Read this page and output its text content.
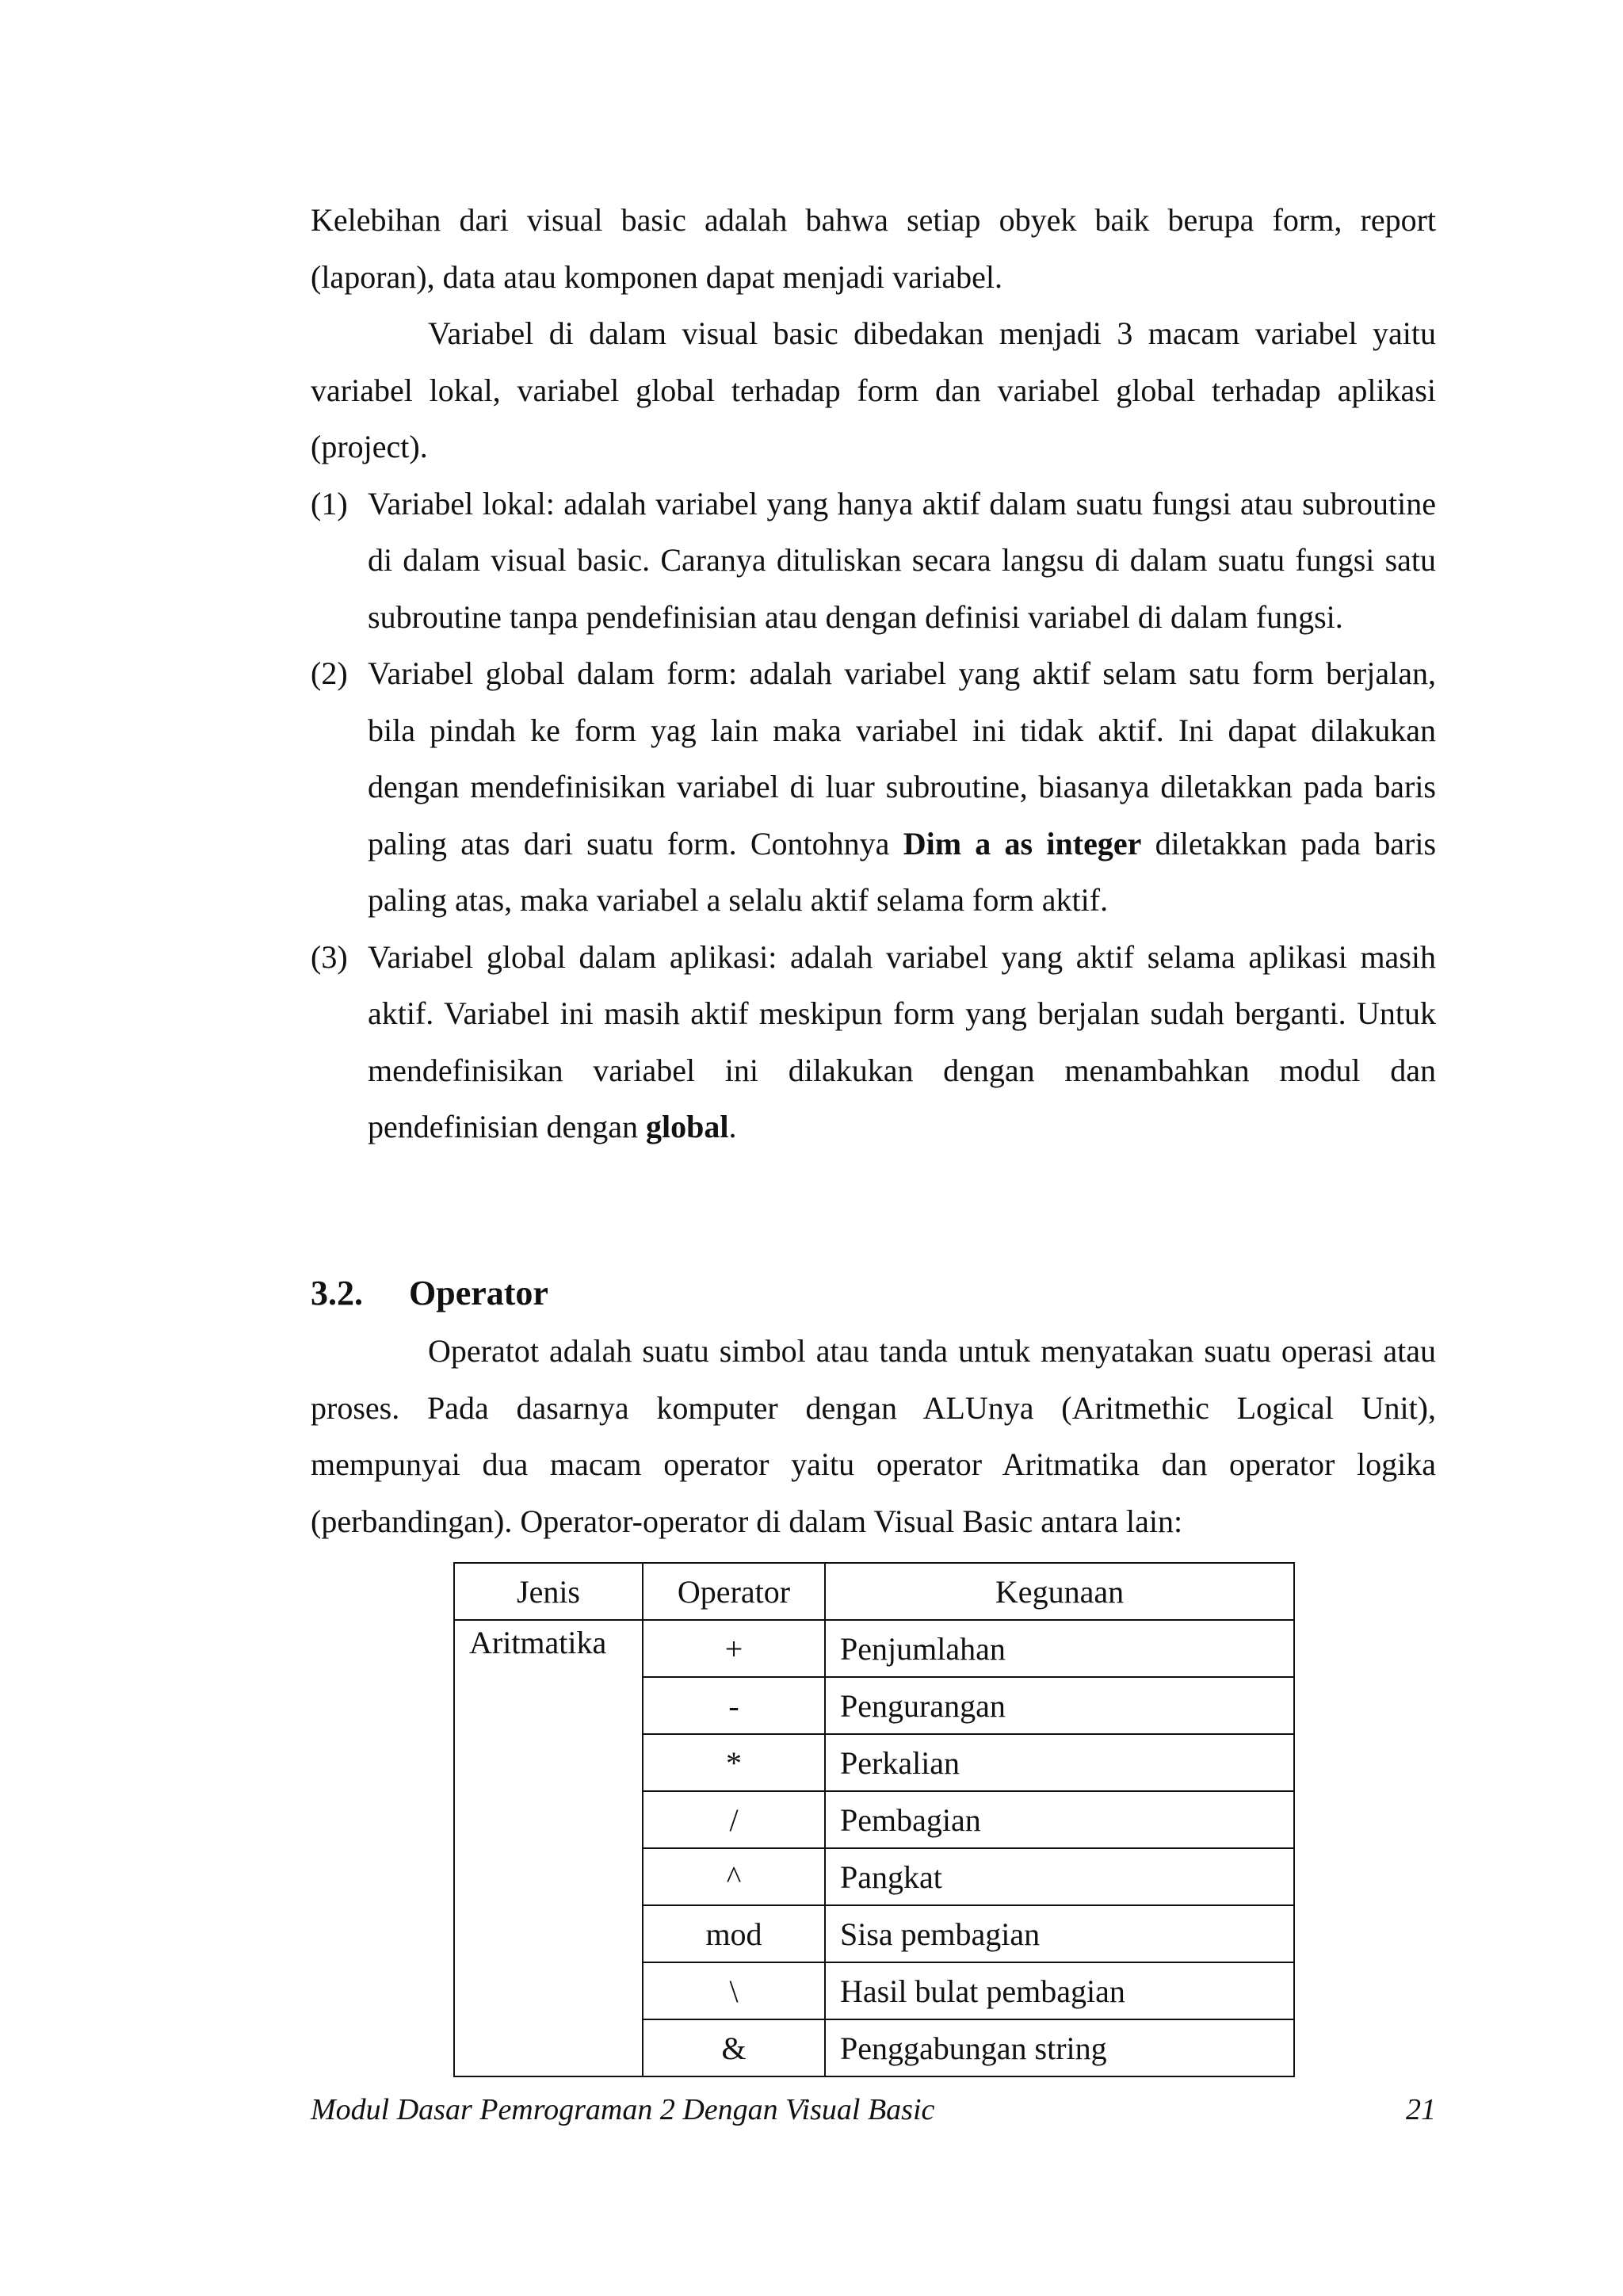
Kelebihan dari visual basic adalah bahwa setiap obyek baik berupa form, report (laporan), data atau komponen dapat menjadi variabel.

Variabel di dalam visual basic dibedakan menjadi 3 macam variabel yaitu variabel lokal, variabel global terhadap form dan variabel global terhadap aplikasi (project).

(1) Variabel lokal: adalah variabel yang hanya aktif dalam suatu fungsi atau subroutine di dalam visual basic. Caranya dituliskan secara langsu di dalam suatu fungsi satu subroutine tanpa pendefinisian atau dengan definisi variabel di dalam fungsi.
(2) Variabel global dalam form: adalah variabel yang aktif selam satu form berjalan, bila pindah ke form yag lain maka variabel ini tidak aktif. Ini dapat dilakukan dengan mendefinisikan variabel di luar subroutine, biasanya diletakkan pada baris paling atas dari suatu form. Contohnya Dim a as integer diletakkan pada baris paling atas, maka variabel a selalu aktif selama form aktif.
(3) Variabel global dalam aplikasi: adalah variabel yang aktif selama aplikasi masih aktif. Variabel ini masih aktif meskipun form yang berjalan sudah berganti. Untuk mendefinisikan variabel ini dilakukan dengan menambahkan modul dan pendefinisian dengan global.
3.2. Operator

Operatot adalah suatu simbol atau tanda untuk menyatakan suatu operasi atau proses. Pada dasarnya komputer dengan ALUnya (Aritmethic Logical Unit), mempunyai dua macam operator yaitu operator Aritmatika dan operator logika (perbandingan). Operator-operator di dalam Visual Basic antara lain:

Jenis	Operator	Kegunaan
Aritmatika	+	Penjumlahan
	-	Pengurangan
	*	Perkalian
	/	Pembagian
	^	Pangkat
	mod	Sisa pembagian
	\	Hasil bulat pembagian
	&	Penggabungan string
Modul Dasar Pemrograman 2 Dengan Visual Basic	21
